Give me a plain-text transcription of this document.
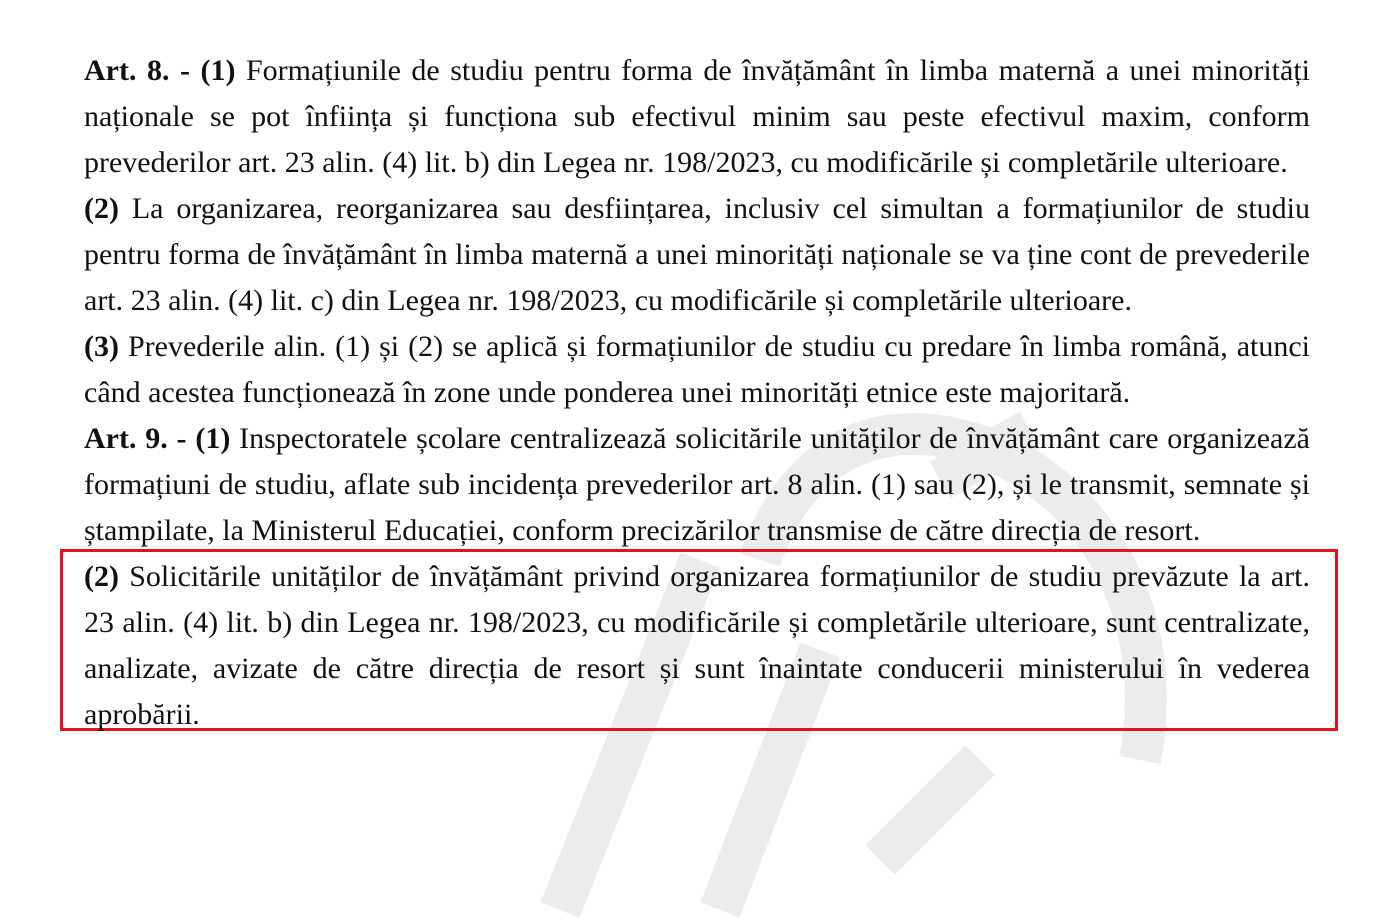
Art. 8. - (1) Formațiunile de studiu pentru forma de învățământ în limba maternă a unei minorități naționale se pot înființa și funcționa sub efectivul minim sau peste efectivul maxim, conform prevederilor art. 23 alin. (4) lit. b) din Legea nr. 198/2023, cu modificările și completările ulterioare.

(2) La organizarea, reorganizarea sau desființarea, inclusiv cel simultan a formațiunilor de studiu pentru forma de învățământ în limba maternă a unei minorități naționale se va ține cont de prevederile art. 23 alin. (4) lit. c) din Legea nr. 198/2023, cu modificările și completările ulterioare.

(3) Prevederile alin. (1) și (2) se aplică și formațiunilor de studiu cu predare în limba română, atunci când acestea funcționează în zone unde ponderea unei minorități etnice este majoritară.

Art. 9. - (1) Inspectoratele școlare centralizează solicitările unităților de învățământ care organizează formațiuni de studiu, aflate sub incidența prevederilor art. 8 alin. (1) sau (2), și le transmit, semnate și ștampilate, la Ministerul Educației, conform precizărilor transmise de către direcția de resort.

(2) Solicitările unităților de învățământ privind organizarea formațiunilor de studiu prevăzute la art. 23 alin. (4) lit. b) din Legea nr. 198/2023, cu modificările și completările ulterioare, sunt centralizate, analizate, avizate de către direcția de resort și sunt înaintate conducerii ministerului în vederea aprobării.
